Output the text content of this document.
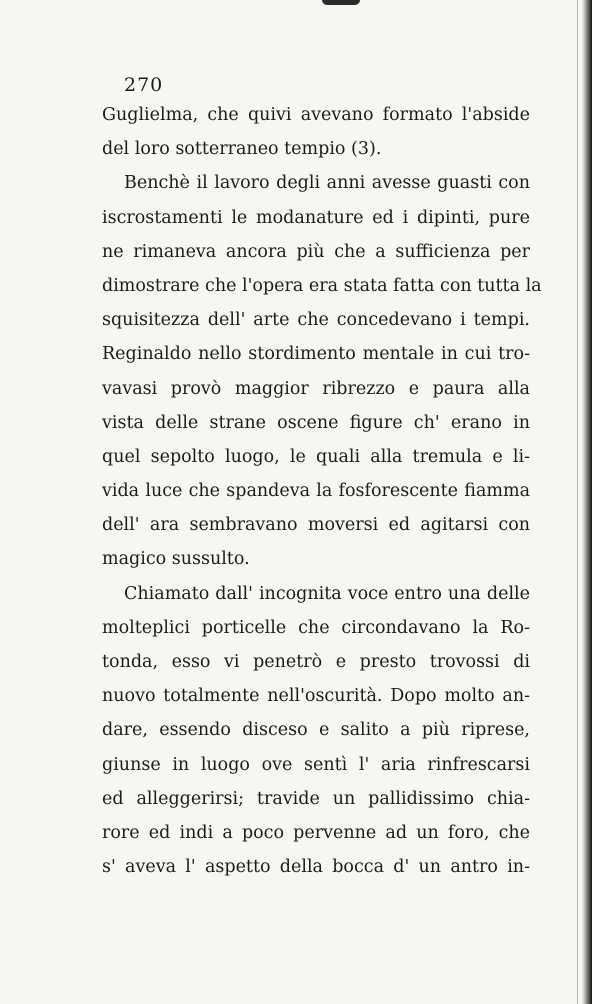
270
Guglielma, che quivi avevano formato l'abside
del loro sotterraneo tempio (3).
Benchè il lavoro degli anni avesse guasti con
iscrostamenti le modanature ed i dipinti, pure
ne rimaneva ancora più che a sufficienza per
dimostrare che l'opera era stata fatta con tutta la
squisitezza dell' arte che concedevano i tempi.
Reginaldo nello stordimento mentale in cui tro-
vavasi provò maggior ribrezzo e paura alla
vista delle strane oscene figure ch' erano in
quel sepolto luogo, le quali alla tremula e li-
vida luce che spandeva la fosforescente fiamma
dell' ara sembravano moversi ed agitarsi con
magico sussulto.
Chiamato dall' incognita voce entro una delle
molteplici porticelle che circondavano la Ro-
tonda, esso vi penetrò e presto trovossi di
nuovo totalmente nell'oscurità. Dopo molto an-
dare, essendo disceso e salito a più riprese,
giunse in luogo ove sentì l' aria rinfrescarsi
ed alleggerirsi; travide un pallidissimo chia-
rore ed indi a poco pervenne ad un foro, che
s' aveva l' aspetto della bocca d' un antro in-
